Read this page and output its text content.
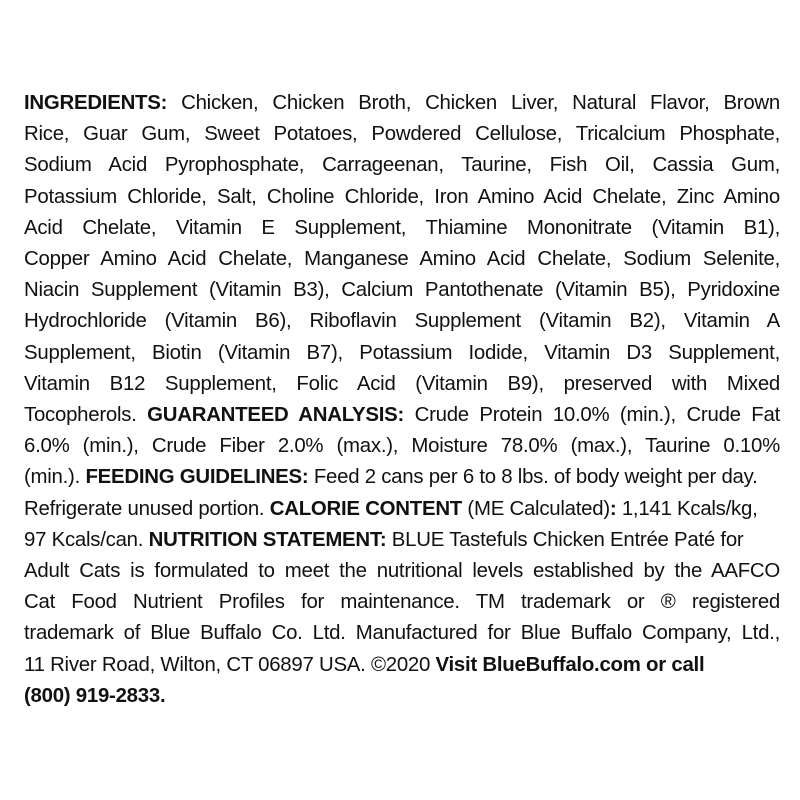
INGREDIENTS: Chicken, Chicken Broth, Chicken Liver, Natural Flavor, Brown
Rice, Guar Gum, Sweet Potatoes, Powdered Cellulose, Tricalcium Phosphate,
Sodium Acid Pyrophosphate, Carrageenan, Taurine, Fish Oil, Cassia Gum,
Potassium Chloride, Salt, Choline Chloride, Iron Amino Acid Chelate, Zinc Amino
Acid Chelate, Vitamin E Supplement, Thiamine Mononitrate (Vitamin B1),
Copper Amino Acid Chelate, Manganese Amino Acid Chelate, Sodium Selenite,
Niacin Supplement (Vitamin B3), Calcium Pantothenate (Vitamin B5), Pyridoxine
Hydrochloride (Vitamin B6), Riboflavin Supplement (Vitamin B2), Vitamin A
Supplement, Biotin (Vitamin B7), Potassium Iodide, Vitamin D3 Supplement,
Vitamin B12 Supplement, Folic Acid (Vitamin B9), preserved with Mixed
Tocopherols. GUARANTEED ANALYSIS: Crude Protein 10.0% (min.), Crude Fat
6.0% (min.), Crude Fiber 2.0% (max.), Moisture 78.0% (max.), Taurine 0.10%
(min.). FEEDING GUIDELINES: Feed 2 cans per 6 to 8 lbs. of body weight per day.
Refrigerate unused portion. CALORIE CONTENT (ME Calculated): 1,141 Kcals/kg,
97 Kcals/can. NUTRITION STATEMENT: BLUE Tastefuls Chicken Entrée Paté for
Adult Cats is formulated to meet the nutritional levels established by the AAFCO
Cat Food Nutrient Profiles for maintenance. TM trademark or ® registered
trademark of Blue Buffalo Co. Ltd. Manufactured for Blue Buffalo Company, Ltd.,
11 River Road, Wilton, CT 06897 USA. ©2020 Visit BlueBuffalo.com or call
(800) 919-2833.
